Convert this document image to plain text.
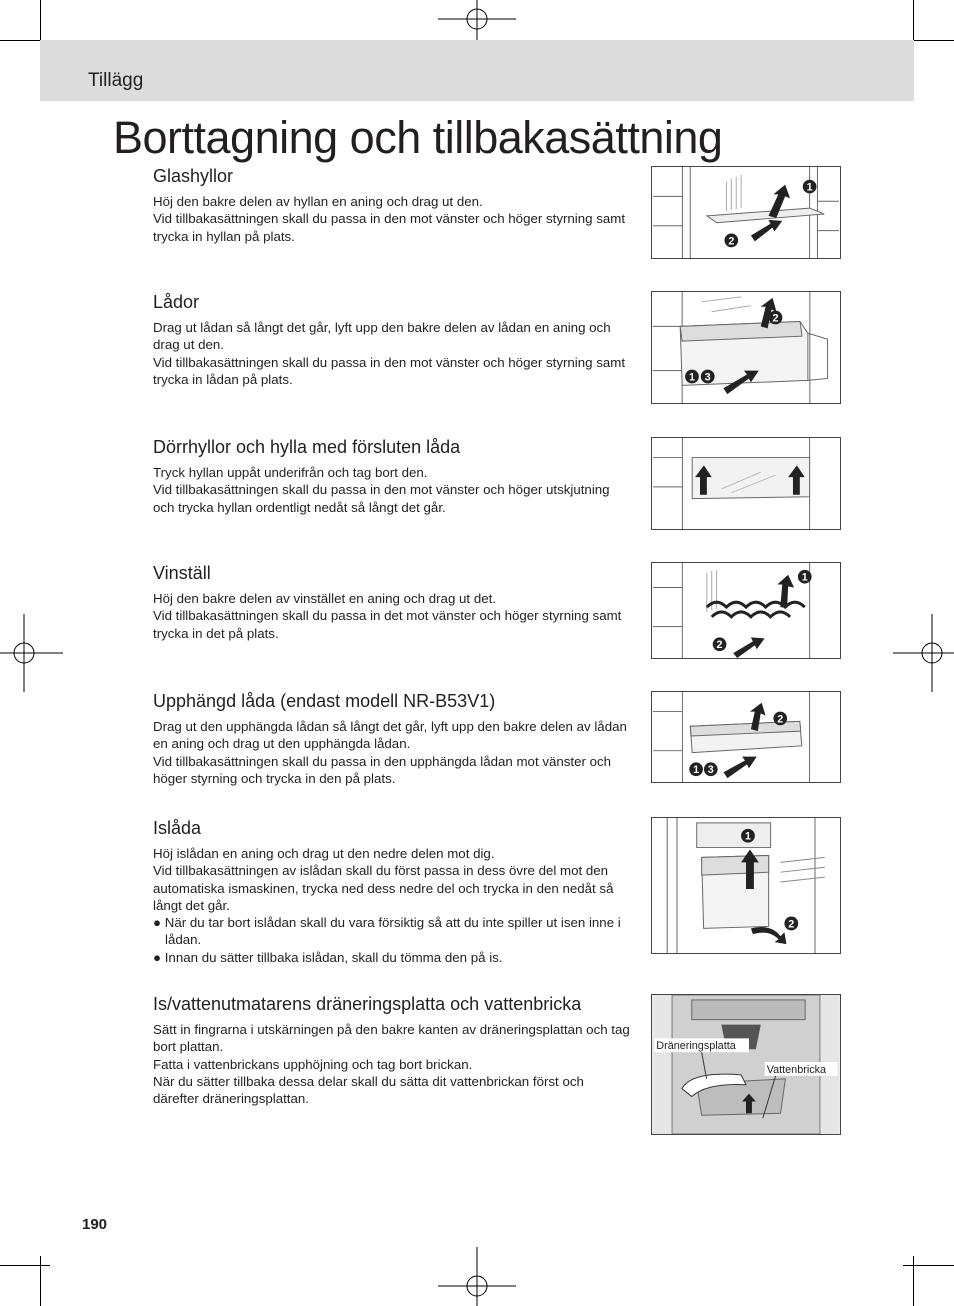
Tillägg
Borttagning och tillbakasättning
Glashyllor

Höj den bakre delen av hyllan en aning och drag ut den.

Vid tillbakasättningen skall du passa in den mot vänster och höger styrning samt trycka in hyllan på plats.

1
2
Lådor

Drag ut lådan så långt det går, lyft upp den bakre delen av lådan en aning och drag ut den.

Vid tillbakasättningen skall du passa in den mot vänster och höger styrning samt trycka in lådan på plats.

2
1 3
Dörrhyllor och hylla med försluten låda

Tryck hyllan uppåt underifrån och tag bort den.

Vid tillbakasättningen skall du passa in den mot vänster och höger utskjutning och trycka hyllan ordentligt nedåt så långt det går.

Vinställ

Höj den bakre delen av vinstället en aning och drag ut det.

Vid tillbakasättningen skall du passa in det mot vänster och höger styrning samt trycka in det på plats.

1
2
Upphängd låda (endast modell NR-B53V1)

Drag ut den upphängda lådan så långt det går, lyft upp den bakre delen av lådan en aning och drag ut den upphängda lådan.

Vid tillbakasättningen skall du passa in den upphängda lådan mot vänster och höger styrning och trycka in den på plats.

2
1 3
Islåda

Höj islådan en aning och drag ut den nedre delen mot dig.

Vid tillbakasättningen av islådan skall du först passa in dess övre del mot den automatiska ismaskinen, trycka ned dess nedre del och trycka in den nedåt så långt det går.

● När du tar bort islådan skall du vara försiktig så att du inte spiller ut isen inne i lådan.

● Innan du sätter tillbaka islådan, skall du tömma den på is.

1
2
Is/vattenutmatarens dräneringsplatta och vattenbricka

Sätt in fingrarna i utskärningen på den bakre kanten av dräneringsplattan och tag bort plattan.

Fatta i vattenbrickans upphöjning och tag bort brickan.

När du sätter tillbaka dessa delar skall du sätta dit vattenbrickan först och därefter dräneringsplattan.

Dräneringsplatta
Vattenbricka
190
